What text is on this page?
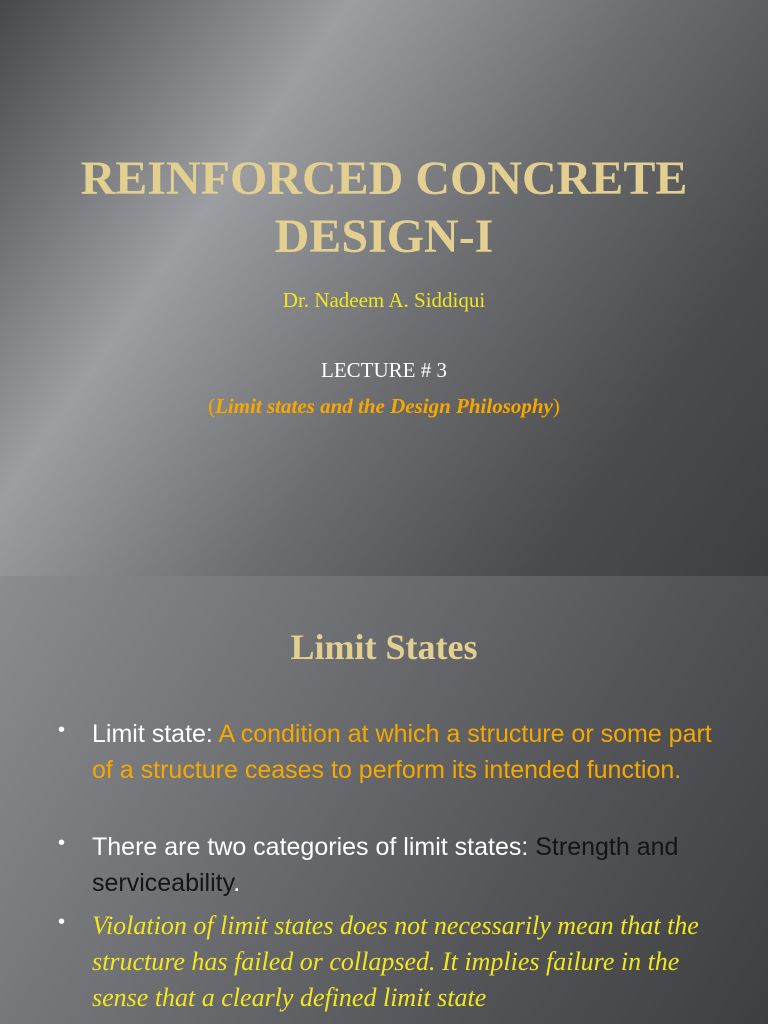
REINFORCED CONCRETE
DESIGN-I
Dr. Nadeem A. Siddiqui
LECTURE # 3
(Limit states and the Design Philosophy)
Limit States
• Limit state: A condition at which a structure or some part of a structure ceases to perform its intended function.
• There are two categories of limit states: Strength and serviceability.
• Violation of limit states does not necessarily mean that the structure has failed or collapsed. It implies failure in the sense that a clearly defined limit state
